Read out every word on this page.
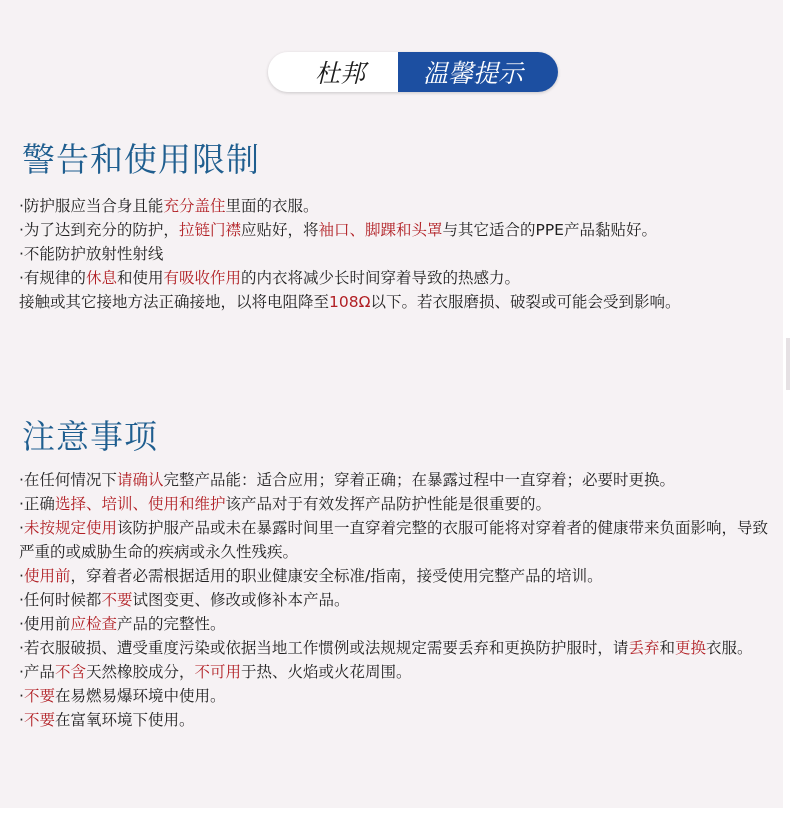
杜邦	温馨提示
警告和使用限制
·防护服应当合身且能充分盖住里面的衣服。
·为了达到充分的防护，拉链门襟应贴好，将袖口、脚踝和头罩与其它适合的PPE产品黏贴好。
·不能防护放射性射线
·有规律的休息和使用有吸收作用的内衣将减少长时间穿着导致的热感力。
接触或其它接地方法正确接地，以将电阻降至108Ω以下。若衣服磨损、破裂或可能会受到影响。
注意事项
·在任何情况下请确认完整产品能：适合应用；穿着正确；在暴露过程中一直穿着；必要时更换。
·正确选择、培训、使用和维护该产品对于有效发挥产品防护性能是很重要的。
·未按规定使用该防护服产品或未在暴露时间里一直穿着完整的衣服可能将对穿着者的健康带来负面影响，导致严重的或威胁生命的疾病或永久性残疾。
·使用前，穿着者必需根据适用的职业健康安全标准/指南，接受使用完整产品的培训。
·任何时候都不要试图变更、修改或修补本产品。
·使用前应检查产品的完整性。
·若衣服破损、遭受重度污染或依据当地工作惯例或法规规定需要丢弃和更换防护服时，请丢弃和更换衣服。
·产品不含天然橡胶成分，不可用于热、火焰或火花周围。
·不要在易燃易爆环境中使用。
·不要在富氧环境下使用。
